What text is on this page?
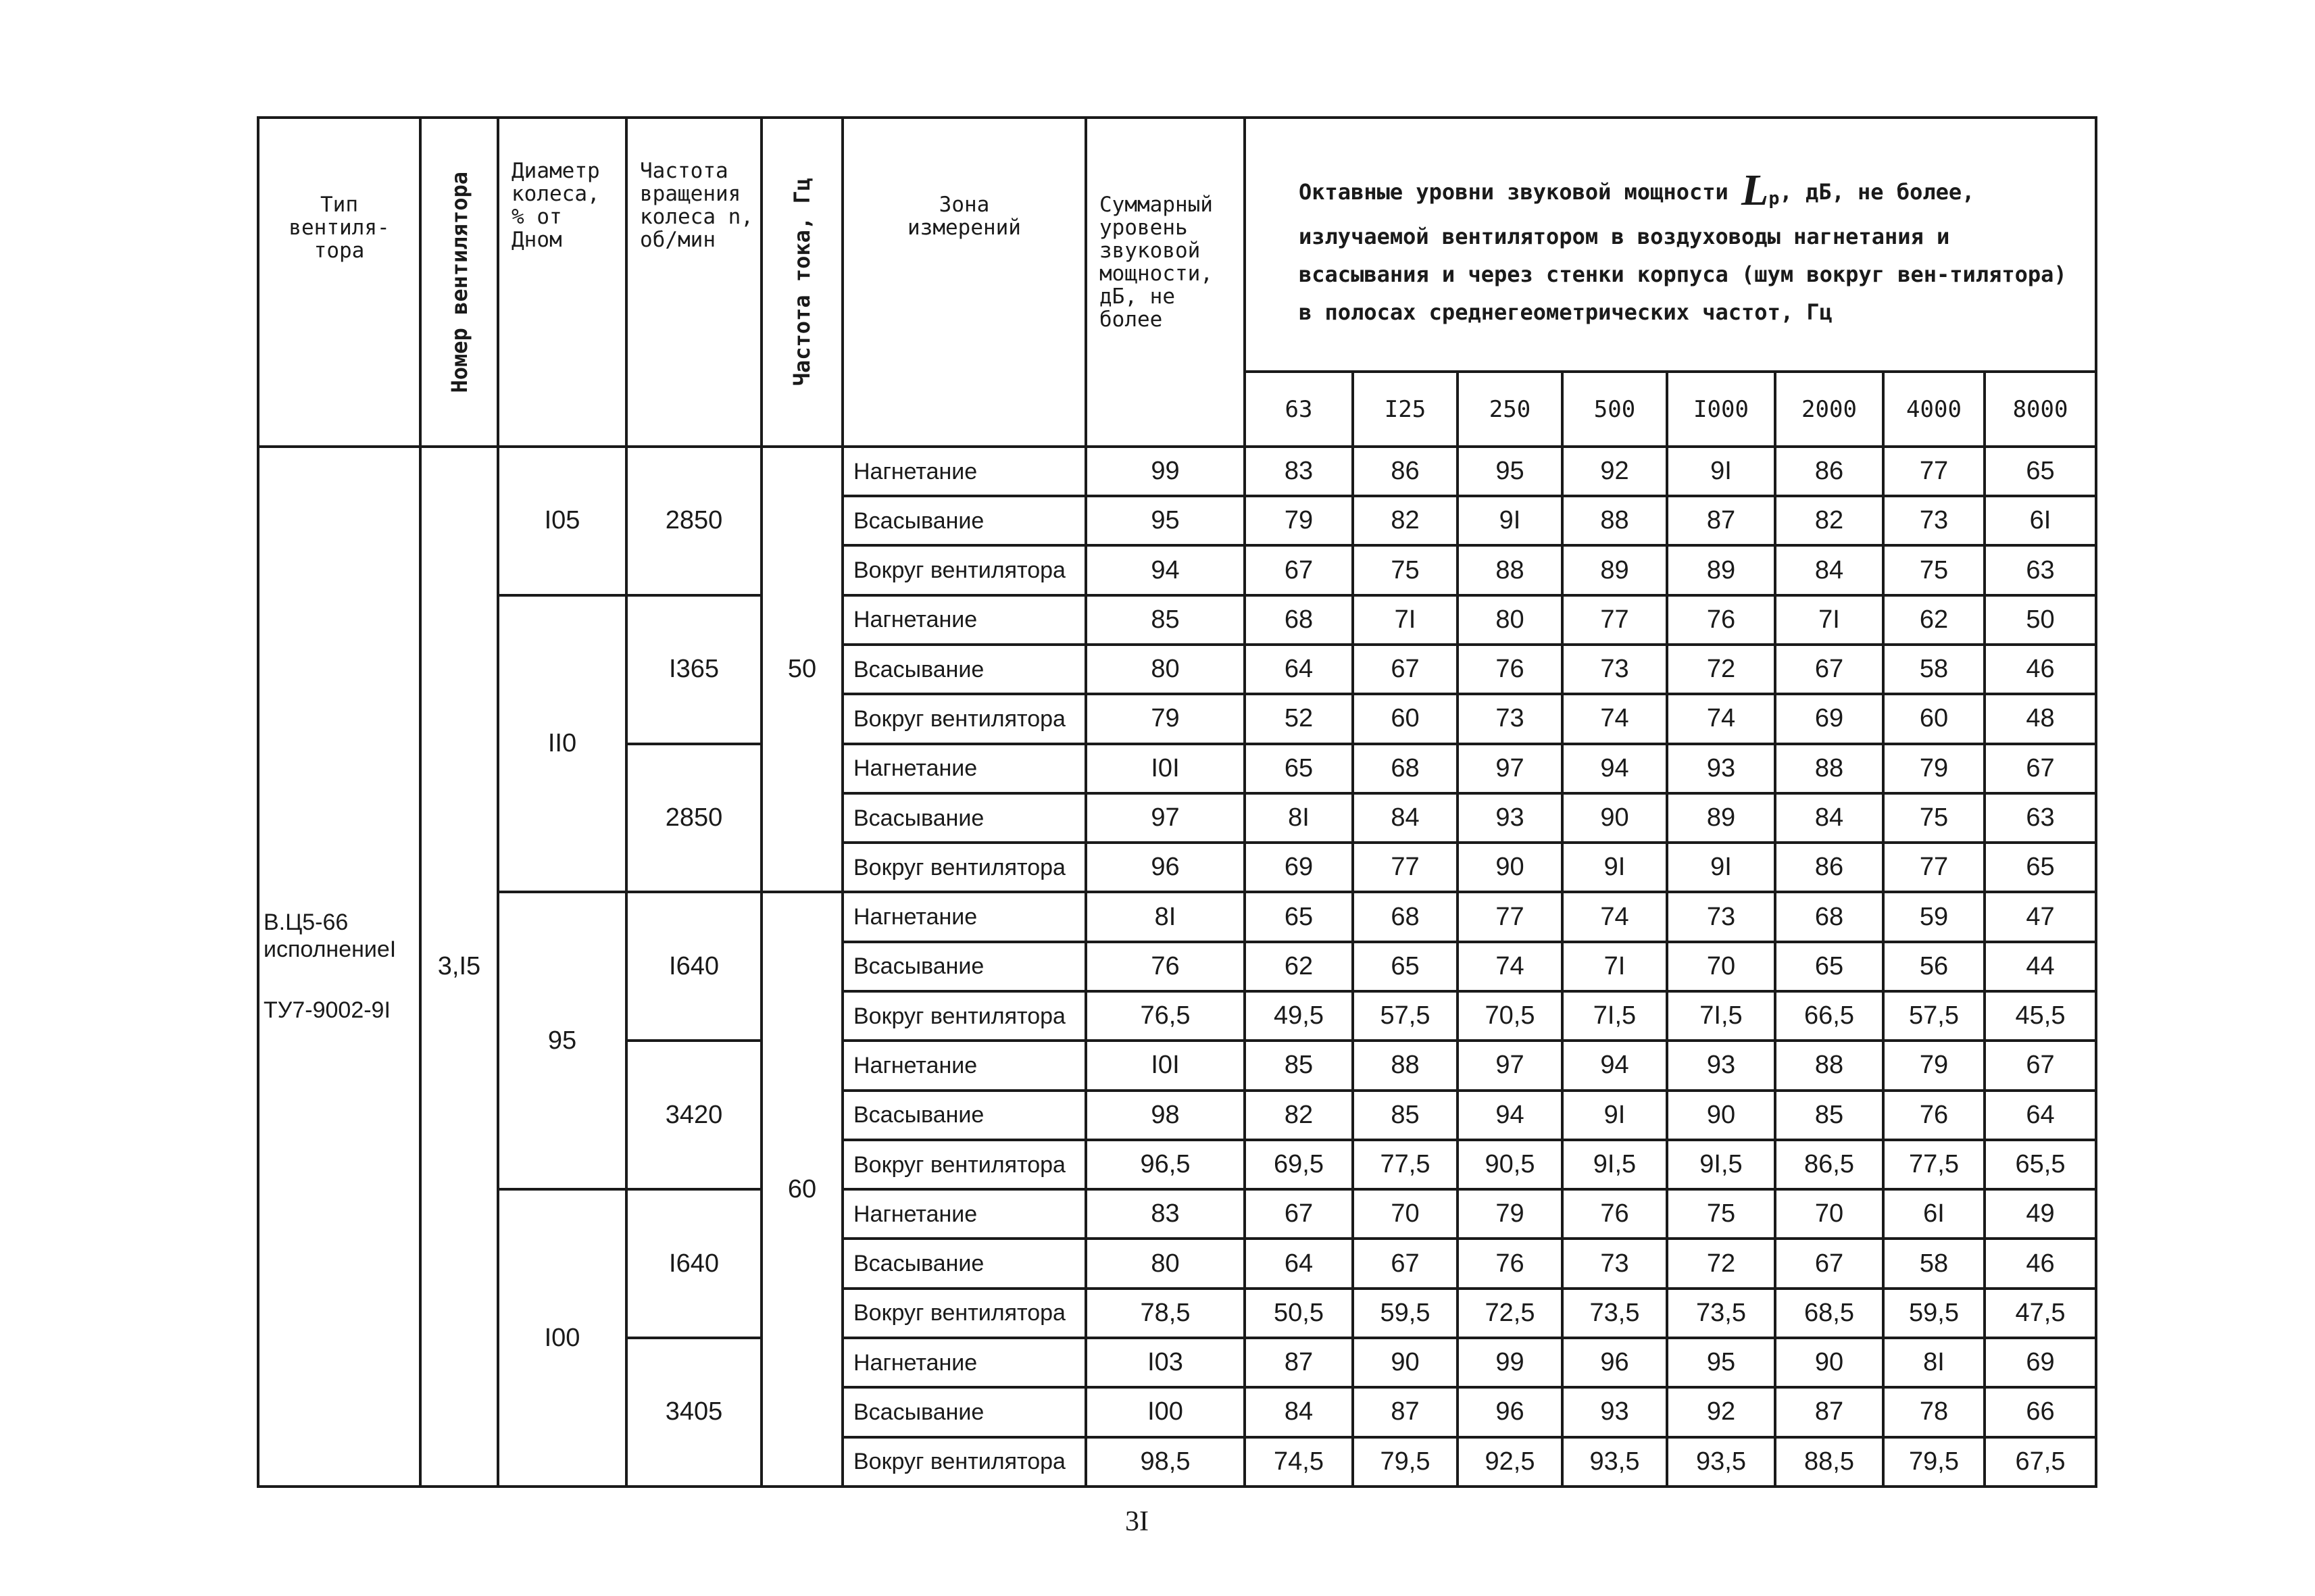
Тип вентиля-тора	Номер вентилятора	Диаметр колеса, % от Дном	Частота вращения колеса n, об/мин	Частота тока, Гц	Зона измерений	Суммарный уровень звуковой мощности, дБ, не более	Октавные уровни звуковой мощности $L_р$, дБ, не более, излучаемой вентилятором в воздуховоды нагнетания и всасывания и через стенки корпуса (шум вокруг вен-тилятора) в полосах среднегеометрических частот, Гц							

							63	I25	250	500	I000	2000	4000	8000

В.Ц5-66
исполнениеI
ТУ7-9002-9I	3,I5	I05	2850	50	Нагнетание	99	83	86	95	92	9I	86	77	65
					Всасывание	95	79	82	9I	88	87	82	73	6I
					Вокруг вентилятора	94	67	75	88	89	89	84	75	63
		II0	I365		Нагнетание	85	68	7I	80	77	76	7I	62	50
					Всасывание	80	64	67	76	73	72	67	58	46
					Вокруг вентилятора	79	52	60	73	74	74	69	60	48
			2850		Нагнетание	I0I	65	68	97	94	93	88	79	67
					Всасывание	97	8I	84	93	90	89	84	75	63
					Вокруг вентилятора	96	69	77	90	9I	9I	86	77	65
		95	I640	60	Нагнетание	8I	65	68	77	74	73	68	59	47
					Всасывание	76	62	65	74	7I	70	65	56	44
					Вокруг вентилятора	76,5	49,5	57,5	70,5	7I,5	7I,5	66,5	57,5	45,5
			3420		Нагнетание	I0I	85	88	97	94	93	88	79	67
					Всасывание	98	82	85	94	9I	90	85	76	64
					Вокруг вентилятора	96,5	69,5	77,5	90,5	9I,5	9I,5	86,5	77,5	65,5
		I00	I640		Нагнетание	83	67	70	79	76	75	70	6I	49
					Всасывание	80	64	67	76	73	72	67	58	46
					Вокруг вентилятора	78,5	50,5	59,5	72,5	73,5	73,5	68,5	59,5	47,5
			3405		Нагнетание	I03	87	90	99	96	95	90	8I	69
					Всасывание	I00	84	87	96	93	92	87	78	66
					Вокруг вентилятора	98,5	74,5	79,5	92,5	93,5	93,5	88,5	79,5	67,5
3I
